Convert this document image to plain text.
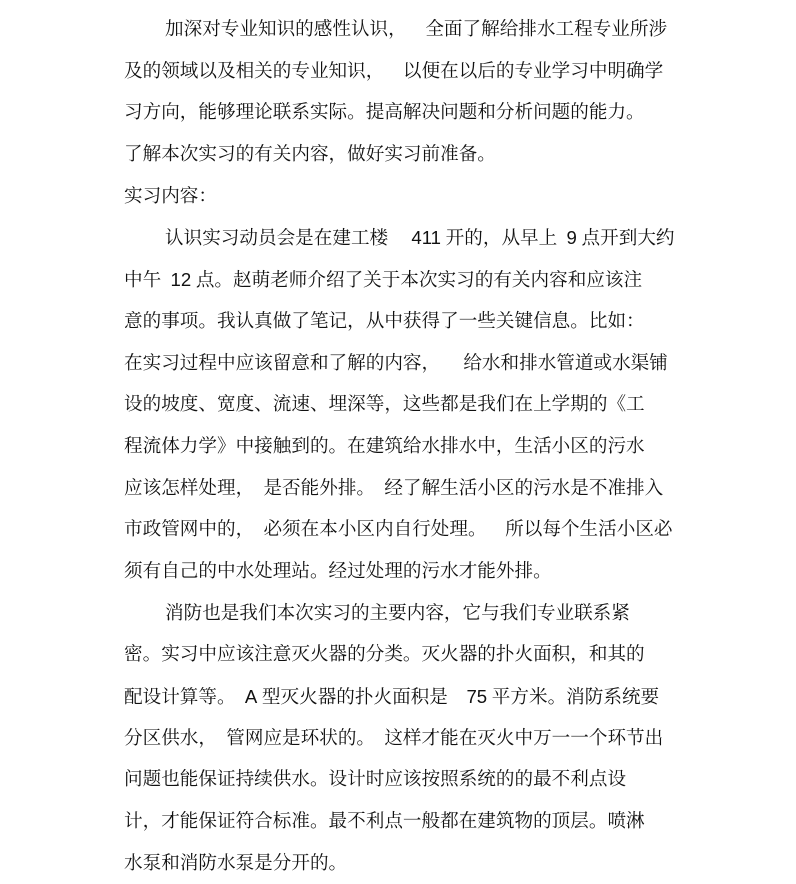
加深对专业知识的感性认识，    全面了解给排水工程专业所涉
及的领域以及相关的专业知识，    以便在以后的专业学习中明确学
习方向，能够理论联系实际。提高解决问题和分析问题的能力。
了解本次实习的有关内容，做好实习前准备。
实习内容：
认识实习动员会是在建工楼     411 开的，从早上  9 点开到大约
中午  12 点。赵萌老师介绍了关于本次实习的有关内容和应该注
意的事项。我认真做了笔记，从中获得了一些关键信息。比如：
在实习过程中应该留意和了解的内容，     给水和排水管道或水渠铺
设的坡度、宽度、流速、埋深等，这些都是我们在上学期的《工
程流体力学》中接触到的。在建筑给水排水中，生活小区的污水
应该怎样处理，  是否能外排。  经了解生活小区的污水是不准排入
市政管网中的，  必须在本小区内自行处理。    所以每个生活小区必
须有自己的中水处理站。经过处理的污水才能外排。
消防也是我们本次实习的主要内容，它与我们专业联系紧
密。实习中应该注意灭火器的分类。灭火器的扑火面积，和其的
配设计算等。  A 型灭火器的扑火面积是    75 平方米。消防系统要
分区供水，  管网应是环状的。  这样才能在灭火中万一一个环节出
问题也能保证持续供水。设计时应该按照系统的的最不利点设
计，才能保证符合标准。最不利点一般都在建筑物的顶层。喷淋
水泵和消防水泵是分开的。
